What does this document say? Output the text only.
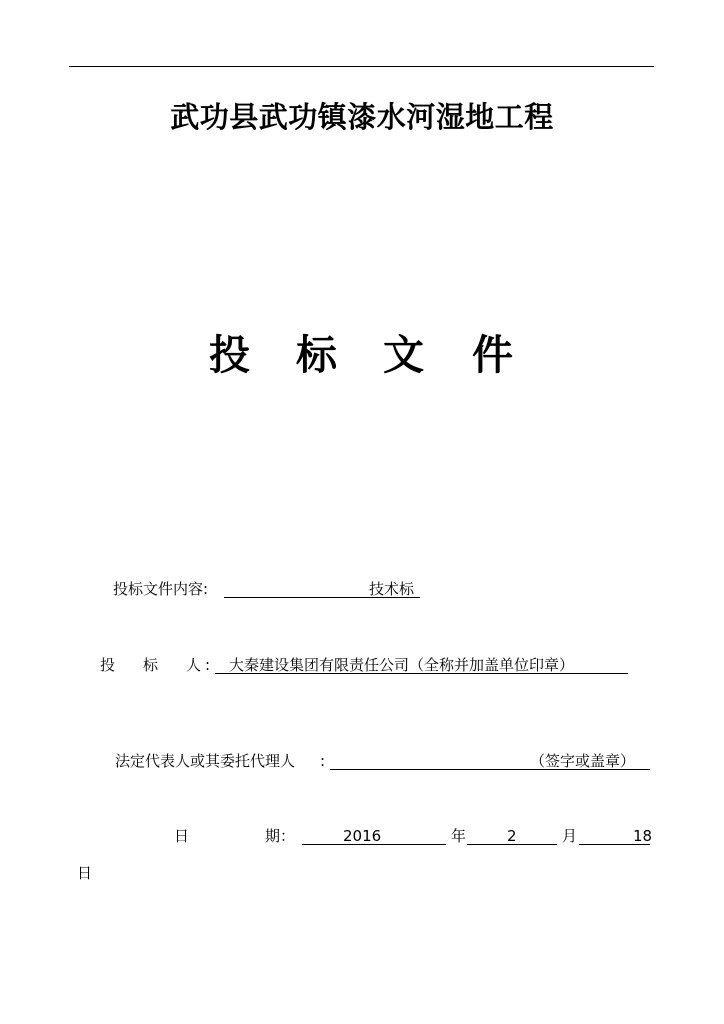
武功县武功镇漆水河湿地工程
投 标 文 件
投标文件内容:	技术标
投 标 人 : 大秦建设集团有限责任公司（全称并加盖单位印章）
法定代表人或其委托代理人 :	（签字或盖章）
日	期：	2016	年	2	月	18
日
